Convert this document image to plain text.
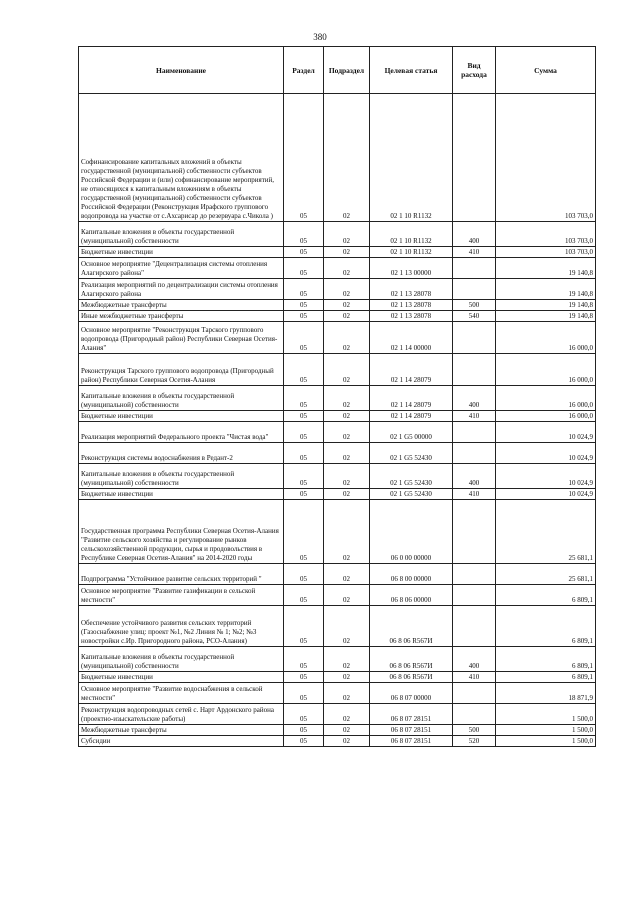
380
Наименование	Раздел	Подраздел	Целевая статья	Вид расхода	Сумма
Софинансирование капитальных вложений в объекты государственной (муниципальной) собственности субъектов Российской Федерации и (или) софинансирование мероприятий, не относящихся к капитальным вложениям в объекты государственной (муниципальной) собственности субъектов Российской Федерации (Реконструкция Ирафского группового водопровода на участке от с.Ахсарисар до резервуара с.Чиколa )	05	02	02 1 10 R1132		103 703,0
Капитальные вложения в объекты государственной (муниципальной) собственности	05	02	02 1 10 R1132	400	103 703,0
Бюджетные инвестиции	05	02	02 1 10 R1132	410	103 703,0
Основное мероприятие "Децентрализация системы отопления Алагирского района"	05	02	02 1 13 00000		19 140,8
Реализация мероприятий по децентрализации системы отопления Алагирского района	05	02	02 1 13 28078		19 140,8
Межбюджетные трансферты	05	02	02 1 13 28078	500	19 140,8
Иные межбюджетные трансферты	05	02	02 1 13 28078	540	19 140,8
Основное мероприятие "Реконструкция Тарского группового водопровода (Пригородный район) Республики Северная Осетия-Алания"	05	02	02 1 14 00000		16 000,0
Реконструкция Тарского группового водопровода (Пригородный район) Республики Северная Осетия-Алания	05	02	02 1 14 28079		16 000,0
Капитальные вложения в объекты государственной (муниципальной) собственности	05	02	02 1 14 28079	400	16 000,0
Бюджетные инвестиции	05	02	02 1 14 28079	410	16 000,0
Реализация мероприятий Федерального проекта "Чистая вода"	05	02	02 1 G5 00000		10 024,9
Реконструкция системы водоснабжения в Редант-2	05	02	02 1 G5 52430		10 024,9
Капитальные вложения в объекты государственной (муниципальной) собственности	05	02	02 1 G5 52430	400	10 024,9
Бюджетные инвестиции	05	02	02 1 G5 52430	410	10 024,9
Государственная программа Республики Северная Осетия-Алания "Развитие сельского хозяйства и регулирование рынков сельскохозяйственной продукции, сырья и продовольствия в Республике Северная Осетия-Алания" на 2014-2020 годы	05	02	06 0 00 00000		25 681,1
Подпрограмма "Устойчивое развитие сельских территорий "	05	02	06 8 00 00000		25 681,1
Основное мероприятие "Развитие газификации в сельской местности"	05	02	06 8 06 00000		6 809,1
Обеспечение устойчивого развития сельских территорий (Газоснабжение улиц: проект №1, №2 Линия № 1; №2; №3 новостройки с.Ир. Пригородного района, РСО-Алания)	05	02	06 8 06 R567И		6 809,1
Капитальные вложения в объекты государственной (муниципальной) собственности	05	02	06 8 06 R567И	400	6 809,1
Бюджетные инвестиции	05	02	06 8 06 R567И	410	6 809,1
Основное мероприятие "Развитие водоснабжения в сельской местности"	05	02	06 8 07 00000		18 871,9
Реконструкция водопроводных сетей с. Нарт Ардонского района (проектно-изыскательские работы)	05	02	06 8 07 28151		1 500,0
Межбюджетные трансферты	05	02	06 8 07 28151	500	1 500,0
Субсидии	05	02	06 8 07 28151	520	1 500,0
